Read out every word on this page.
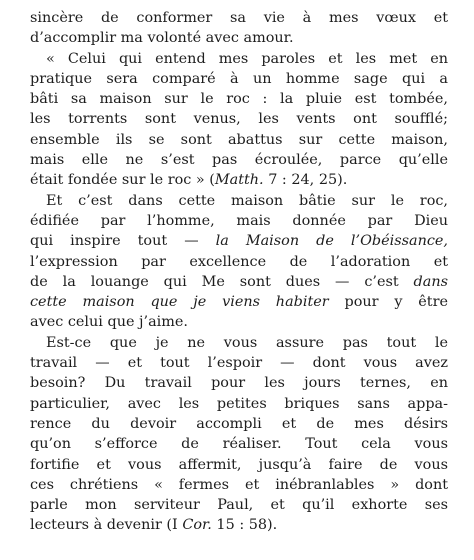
sincère de conformer sa vie à mes vœux et
d’accomplir ma volonté avec amour.
« Celui qui entend mes paroles et les met en
pratique sera comparé à un homme sage qui a
bâti sa maison sur le roc : la pluie est tombée,
les torrents sont venus, les vents ont soufflé;
ensemble ils se sont abattus sur cette maison,
mais elle ne s’est pas écroulée, parce qu’elle
était fondée sur le roc » (Matth. 7 : 24, 25).
Et c’est dans cette maison bâtie sur le roc,
édifiée par l’homme, mais donnée par Dieu
qui inspire tout — la Maison de l’Obéissance,
l’expression par excellence de l’adoration et
de la louange qui Me sont dues — c’est dans
cette maison que je viens habiter pour y être
avec celui que j’aime.
Est-ce que je ne vous assure pas tout le
travail — et tout l’espoir — dont vous avez
besoin? Du travail pour les jours ternes, en
particulier, avec les petites briques sans appa-
rence du devoir accompli et de mes désirs
qu’on s’efforce de réaliser. Tout cela vous
fortifie et vous affermit, jusqu’à faire de vous
ces chrétiens « fermes et inébranlables » dont
parle mon serviteur Paul, et qu’il exhorte ses
lecteurs à devenir (I Cor. 15 : 58).
